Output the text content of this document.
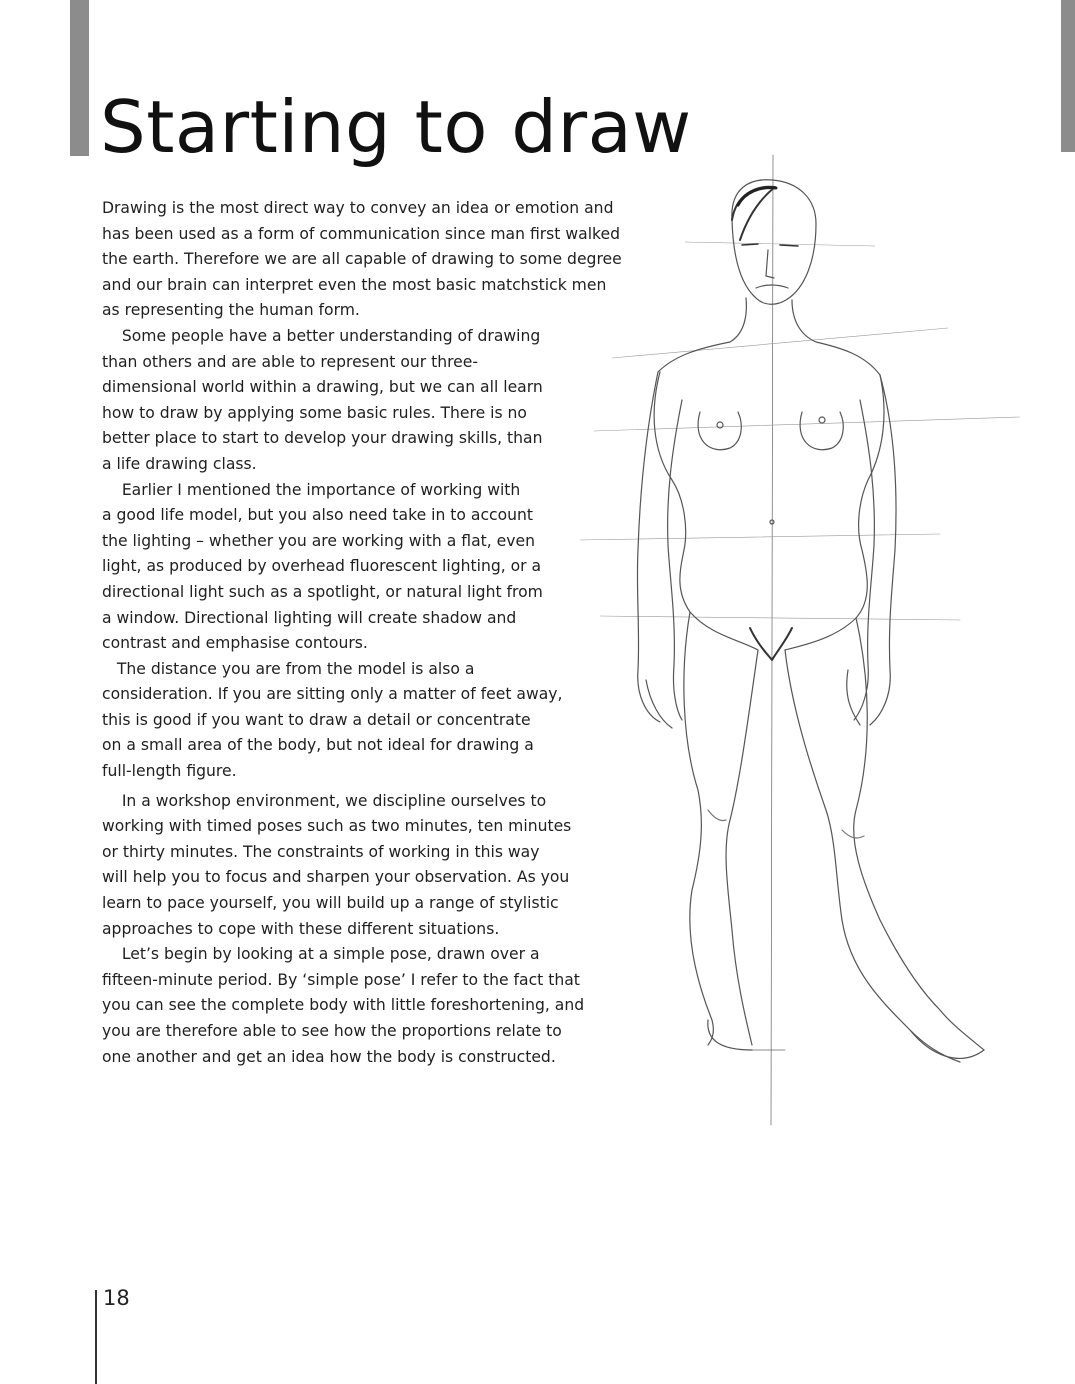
Starting to draw
Drawing is the most direct way to convey an idea or emotion and
has been used as a form of communication since man first walked
the earth. Therefore we are all capable of drawing to some degree
and our brain can interpret even the most basic matchstick men
as representing the human form.
Some people have a better understanding of drawing
than others and are able to represent our three-
dimensional world within a drawing, but we can all learn
how to draw by applying some basic rules. There is no
better place to start to develop your drawing skills, than
a life drawing class.
Earlier I mentioned the importance of working with
a good life model, but you also need take in to account
the lighting – whether you are working with a flat, even
light, as produced by overhead fluorescent lighting, or a
directional light such as a spotlight, or natural light from
a window. Directional lighting will create shadow and
contrast and emphasise contours.
The distance you are from the model is also a
consideration. If you are sitting only a matter of feet away,
this is good if you want to draw a detail or concentrate
on a small area of the body, but not ideal for drawing a
full-length figure.
In a workshop environment, we discipline ourselves to
working with timed poses such as two minutes, ten minutes
or thirty minutes. The constraints of working in this way
will help you to focus and sharpen your observation. As you
learn to pace yourself, you will build up a range of stylistic
approaches to cope with these different situations.
Let’s begin by looking at a simple pose, drawn over a
fifteen-minute period. By ‘simple pose’ I refer to the fact that
you can see the complete body with little foreshortening, and
you are therefore able to see how the proportions relate to
one another and get an idea how the body is constructed.
18
